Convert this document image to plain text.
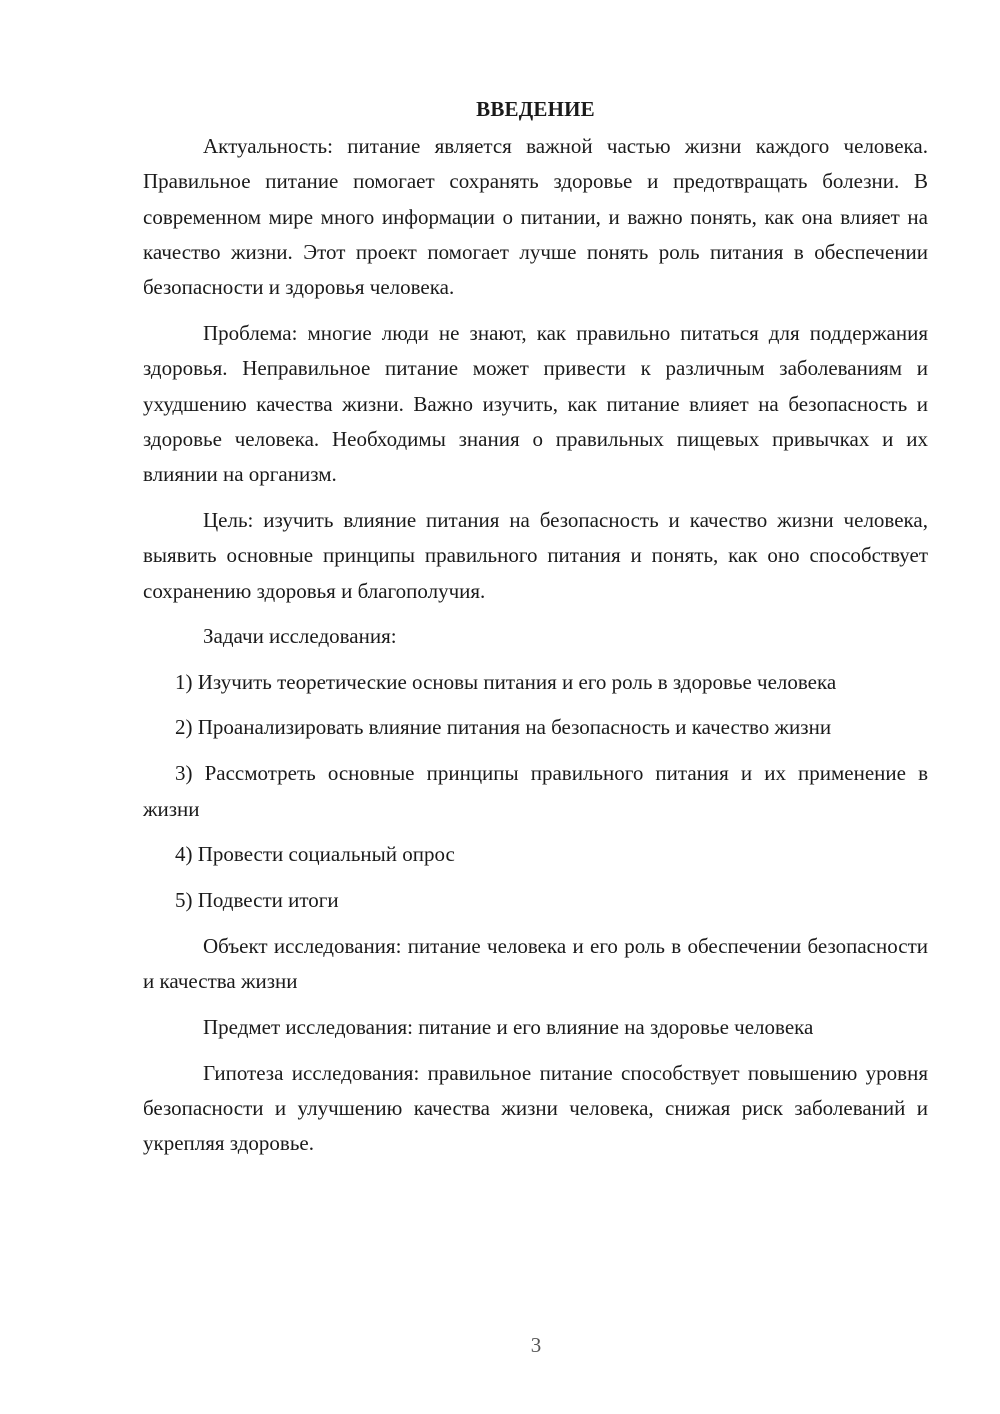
ВВЕДЕНИЕ

Актуальность: питание является важной частью жизни каждого человека. Правильное питание помогает сохранять здоровье и предотвращать болезни. В современном мире много информации о питании, и важно понять, как она влияет на качество жизни. Этот проект помогает лучше понять роль питания в обеспечении безопасности и здоровья человека.

Проблема: многие люди не знают, как правильно питаться для поддержания здоровья. Неправильное питание может привести к различным заболеваниям и ухудшению качества жизни. Важно изучить, как питание влияет на безопасность и здоровье человека. Необходимы знания о правильных пищевых привычках и их влиянии на организм.

Цель: изучить влияние питания на безопасность и качество жизни человека, выявить основные принципы правильного питания и понять, как оно способствует сохранению здоровья и благополучия.

Задачи исследования:

1) Изучить теоретические основы питания и его роль в здоровье человека

2) Проанализировать влияние питания на безопасность и качество жизни

3) Рассмотреть основные принципы правильного питания и их применение в жизни

4) Провести социальный опрос

5) Подвести итоги

Объект исследования: питание человека и его роль в обеспечении безопасности и качества жизни

Предмет исследования: питание и его влияние на здоровье человека

Гипотеза исследования: правильное питание способствует повышению уровня безопасности и улучшению качества жизни человека, снижая риск заболеваний и укрепляя здоровье.

3
